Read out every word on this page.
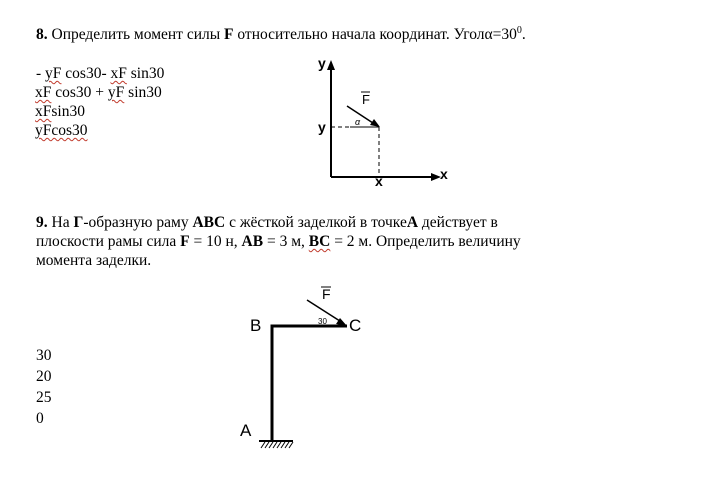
8. Определить момент силы F относительно начала координат. $Угол\alpha=30^0$.
- yF cos30- xF sin30
xF cos30 + yF sin30
xFsin30
yFcos30
y
x
y
x
F
α
9. На Г-образную раму ABC с жёсткой заделкой в точкеА действует в
плоскости рамы сила F = 10 н, AB = 3 м, ВС = 2 м. Определить величину
момента заделки.
30
20
25
0
A
B	C
F
30
